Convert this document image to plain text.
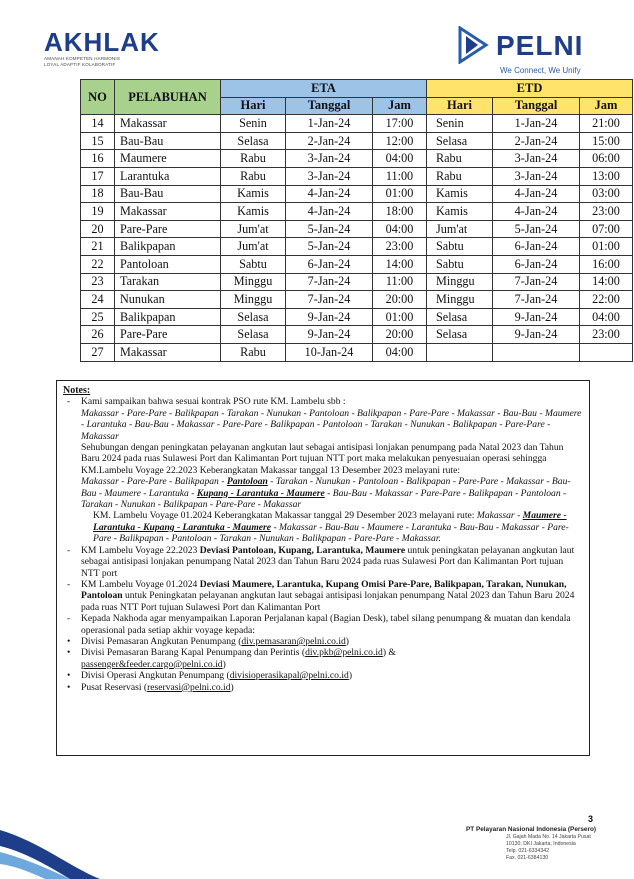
AKHLAK
AMANAH KOMPETEN HARMONIS
LOYAL ADAPTIF KOLABORATIF
PELNI
We Connect, We Unify
NO	PELABUHAN	ETA			ETD		
		Hari	Tanggal	Jam	Hari	Tanggal	Jam
14	Makassar	Senin	1-Jan-24	17:00	Senin	1-Jan-24	21:00
15	Bau-Bau	Selasa	2-Jan-24	12:00	Selasa	2-Jan-24	15:00
16	Maumere	Rabu	3-Jan-24	04:00	Rabu	3-Jan-24	06:00
17	Larantuka	Rabu	3-Jan-24	11:00	Rabu	3-Jan-24	13:00
18	Bau-Bau	Kamis	4-Jan-24	01:00	Kamis	4-Jan-24	03:00
19	Makassar	Kamis	4-Jan-24	18:00	Kamis	4-Jan-24	23:00
20	Pare-Pare	Jum'at	5-Jan-24	04:00	Jum'at	5-Jan-24	07:00
21	Balikpapan	Jum'at	5-Jan-24	23:00	Sabtu	6-Jan-24	01:00
22	Pantoloan	Sabtu	6-Jan-24	14:00	Sabtu	6-Jan-24	16:00
23	Tarakan	Minggu	7-Jan-24	11:00	Minggu	7-Jan-24	14:00
24	Nunukan	Minggu	7-Jan-24	20:00	Minggu	7-Jan-24	22:00
25	Balikpapan	Selasa	9-Jan-24	01:00	Selasa	9-Jan-24	04:00
26	Pare-Pare	Selasa	9-Jan-24	20:00	Selasa	9-Jan-24	23:00
27	Makassar	Rabu	10-Jan-24	04:00			
Notes:
- Kami sampaikan bahwa sesuai kontrak PSO rute KM. Lambelu sbb :
Makassar - Pare-Pare - Balikpapan - Tarakan - Nunukan - Pantoloan - Balikpapan - Pare-Pare - Makassar - Bau-Bau - Maumere - Larantuka - Bau-Bau - Makassar - Pare-Pare - Balikpapan - Pantoloan - Tarakan - Nunukan - Balikpapan - Pare-Pare - Makassar
Sehubungan dengan peningkatan pelayanan angkutan laut sebagai antisipasi lonjakan penumpang pada Natal 2023 dan Tahun Baru 2024 pada ruas Sulawesi Port dan Kalimantan Port tujuan NTT port maka melakukan penyesuaian operasi sehingga KM.Lambelu Voyage 22.2023 Keberangkatan Makassar tanggal 13 Desember 2023 melayani rute:
Makassar - Pare-Pare - Balikpapan - Pantoloan - Tarakan - Nunukan - Pantoloan - Balikpapan - Pare-Pare - Makassar - Bau-Bau - Maumere - Larantuka - Kupang - Larantuka - Maumere - Bau-Bau - Makassar - Pare-Pare - Balikpapan - Pantoloan - Tarakan - Nunukan - Balikpapan - Pare-Pare - Makassar
KM. Lambelu Voyage 01.2024 Keberangkatan Makassar tanggal 29 Desember 2023 melayani rute: Makassar - Maumere - Larantuka - Kupang - Larantuka - Maumere - Makassar - Bau-Bau - Maumere - Larantuka - Bau-Bau - Makassar - Pare-Pare - Balikpapan - Pantoloan - Tarakan - Nunukan - Balikpapan - Pare-Pare - Makassar.
- KM Lambelu Voyage 22.2023 Deviasi Pantoloan, Kupang, Larantuka, Maumere untuk peningkatan pelayanan angkutan laut sebagai antisipasi lonjakan penumpang Natal 2023 dan Tahun Baru 2024 pada ruas Sulawesi Port dan Kalimantan Port tujuan NTT port
- KM Lambelu Voyage 01.2024 Deviasi Maumere, Larantuka, Kupang Omisi Pare-Pare, Balikpapan, Tarakan, Nunukan, Pantoloan untuk Peningkatan pelayanan angkutan laut sebagai antisipasi lonjakan penumpang Natal 2023 dan Tahun Baru 2024 pada ruas NTT Port tujuan Sulawesi Port dan Kalimantan Port
- Kepada Nakhoda agar menyampaikan Laporan Perjalanan kapal (Bagian Desk), tabel silang penumpang & muatan dan kendala operasional pada setiap akhir voyage kepada:
• Divisi Pemasaran Angkutan Penumpang (div.pemasaran@pelni.co.id)
• Divisi Pemasaran Barang Kapal Penumpang dan Perintis (div.pkb@pelni.co.id) &
passenger&feeder.cargo@pelni.co.id)
• Divisi Operasi Angkutan Penumpang (divisioperasikapal@pelni.co.id)
• Pusat Reservasi (reservasi@pelni.co.id)
3
PT Pelayaran Nasional Indonesia (Persero)
Jl. Gajah Mada No. 14 Jakarta Pusat
10130, DKI Jakarta, Indonesia
Telp. 021-6334342
Fax. 021-6384130
